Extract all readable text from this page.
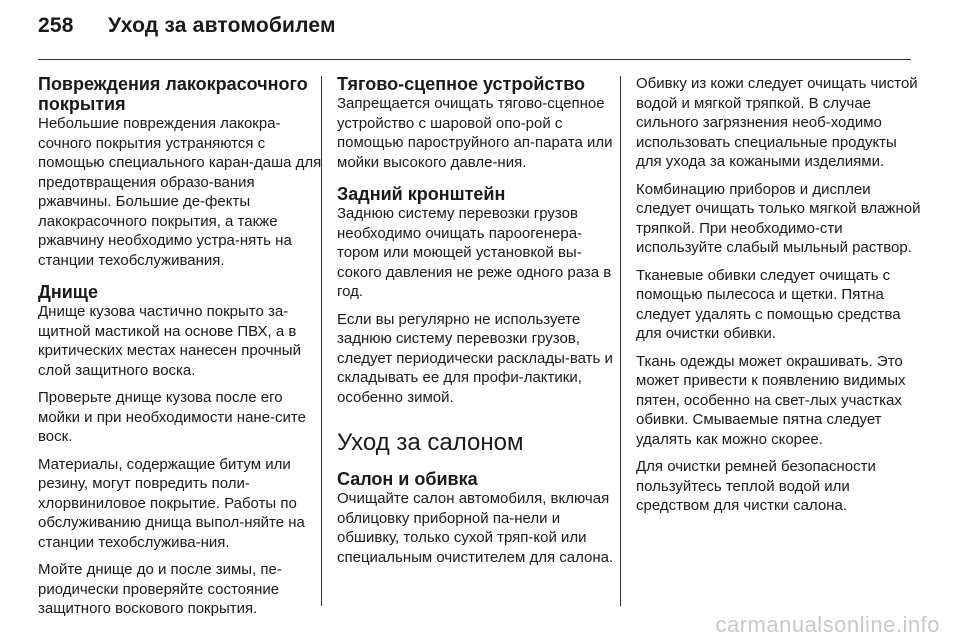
258 Уход за автомобилем
Повреждения лакокрасочного покрытия

Небольшие повреждения лакокра-сочного покрытия устраняются с помощью специального каран-даша для предотвращения образо-вания ржавчины. Большие де-фекты лакокрасочного покрытия, а также ржавчину необходимо устра-нять на станции техобслуживания.

Днище

Днище кузова частично покрыто за-щитной мастикой на основе ПВХ, а в критических местах нанесен прочный слой защитного воска.

Проверьте днище кузова после его мойки и при необходимости нане-сите воск.

Материалы, содержащие битум или резину, могут повредить поли-хлорвиниловое покрытие. Работы по обслуживанию днища выпол-няйте на станции техобслужива-ния.

Мойте днище до и после зимы, пе-риодически проверяйте состояние защитного воскового покрытия.

Тягово-сцепное устройство

Запрещается очищать тягово-сцепное устройство с шаровой опо-рой с помощью пароструйного ап-парата или мойки высокого давле-ния.

Задний кронштейн

Заднюю систему перевозки грузов необходимо очищать пароогенера-тором или моющей установкой вы-сокого давления не реже одного раза в год.

Если вы регулярно не используете заднюю систему перевозки грузов, следует периодически расклады-вать и складывать ее для профи-лактики, особенно зимой.

Уход за салоном
Салон и обивка

Очищайте салон автомобиля, включая облицовку приборной па-нели и обшивку, только сухой тряп-кой или специальным очистителем для салона.

Обивку из кожи следует очищать чистой водой и мягкой тряпкой. В случае сильного загрязнения необ-ходимо использовать специальные продукты для ухода за кожаными изделиями.

Комбинацию приборов и дисплеи следует очищать только мягкой влажной тряпкой. При необходимо-сти используйте слабый мыльный раствор.

Тканевые обивки следует очищать с помощью пылесоса и щетки. Пятна следует удалять с помощью средства для очистки обивки.

Ткань одежды может окрашивать. Это может привести к появлению видимых пятен, особенно на свет-лых участках обивки. Смываемые пятна следует удалять как можно скорее.

Для очистки ремней безопасности пользуйтесь теплой водой или средством для чистки салона.

carmanualsonline.info
